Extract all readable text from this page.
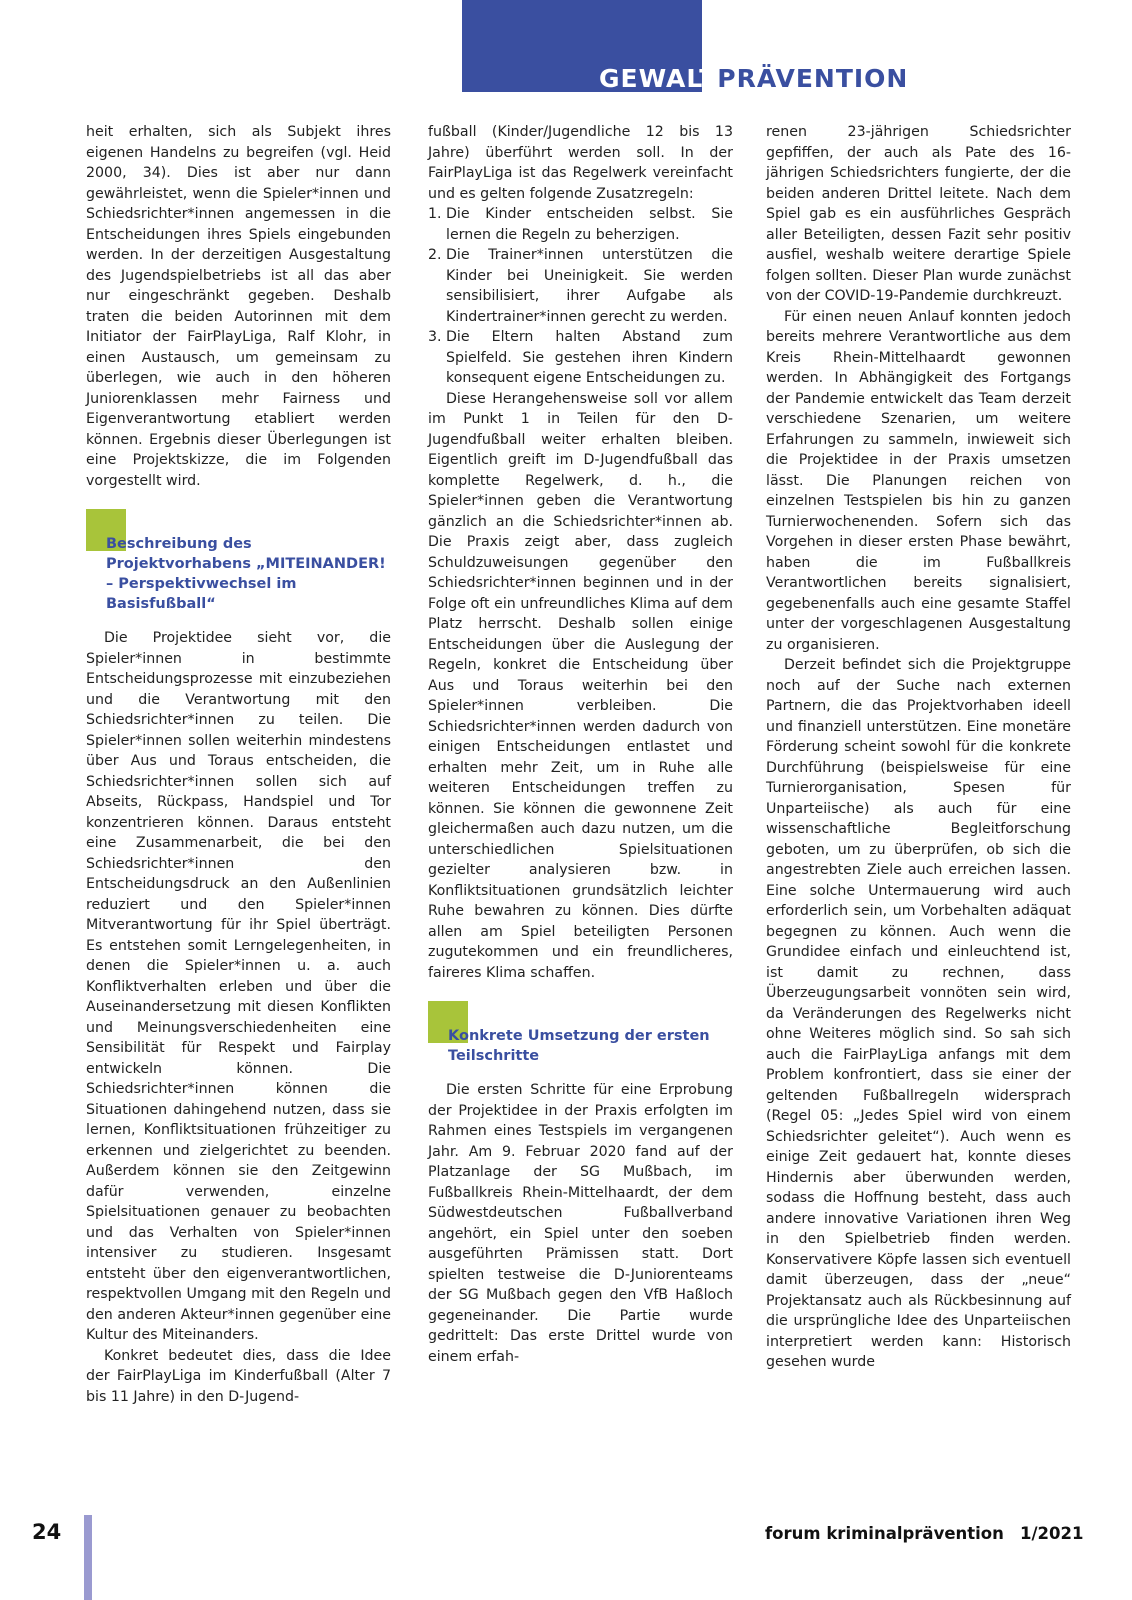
GEWALTPRÄVENTION

heit erhalten, sich als Subjekt ihres eigenen Handelns zu begreifen (vgl. Heid 2000, 34). Dies ist aber nur dann gewährleistet, wenn die Spieler*innen und Schiedsrichter*innen angemessen in die Entscheidungen ihres Spiels eingebunden werden. In der derzeitigen Ausgestaltung des Jugendspielbetriebs ist all das aber nur eingeschränkt gegeben. Deshalb traten die beiden Autorinnen mit dem Initiator der FairPlayLiga, Ralf Klohr, in einen Austausch, um gemeinsam zu überlegen, wie auch in den höheren Juniorenklassen mehr Fairness und Eigenverantwortung etabliert werden können. Ergebnis dieser Überlegungen ist eine Projektskizze, die im Folgenden vorgestellt wird.

Beschreibung des Projektvorhabens „MITEINANDER! – Perspektivwechsel im Basisfußball“

Die Projektidee sieht vor, die Spieler*innen in bestimmte Entscheidungsprozesse mit einzubeziehen und die Verantwortung mit den Schiedsrichter*innen zu teilen. Die Spieler*innen sollen weiterhin mindestens über Aus und Toraus entscheiden, die Schiedsrichter*innen sollen sich auf Abseits, Rückpass, Handspiel und Tor konzentrieren können. Daraus entsteht eine Zusammenarbeit, die bei den Schiedsrichter*innen den Entscheidungsdruck an den Außenlinien reduziert und den Spieler*innen Mitverantwortung für ihr Spiel überträgt. Es entstehen somit Lerngelegenheiten, in denen die Spieler*innen u. a. auch Konfliktverhalten erleben und über die Auseinandersetzung mit diesen Konflikten und Meinungsverschiedenheiten eine Sensibilität für Respekt und Fairplay entwickeln können. Die Schiedsrichter*innen können die Situationen dahingehend nutzen, dass sie lernen, Konfliktsituationen frühzeitiger zu erkennen und zielgerichtet zu beenden. Außerdem können sie den Zeitgewinn dafür verwenden, einzelne Spielsituationen genauer zu beobachten und das Verhalten von Spieler*innen intensiver zu studieren. Insgesamt entsteht über den eigenverantwortlichen, respektvollen Umgang mit den Regeln und den anderen Akteur*innen gegenüber eine Kultur des Miteinanders.

Konkret bedeutet dies, dass die Idee der FairPlayLiga im Kinderfußball (Alter 7 bis 11 Jahre) in den D-Jugend-

fußball (Kinder/Jugendliche 12 bis 13 Jahre) überführt werden soll. In der FairPlayLiga ist das Regelwerk vereinfacht und es gelten folgende Zusatzregeln:

1. Die Kinder entscheiden selbst. Sie lernen die Regeln zu beherzigen.
2. Die Trainer*innen unterstützen die Kinder bei Uneinigkeit. Sie werden sensibilisiert, ihrer Aufgabe als Kindertrainer*innen gerecht zu werden.
3. Die Eltern halten Abstand zum Spielfeld. Sie gestehen ihren Kindern konsequent eigene Entscheidungen zu.

Diese Herangehensweise soll vor allem im Punkt 1 in Teilen für den D-Jugendfußball weiter erhalten bleiben. Eigentlich greift im D-Jugendfußball das komplette Regelwerk, d. h., die Spieler*innen geben die Verantwortung gänzlich an die Schiedsrichter*innen ab. Die Praxis zeigt aber, dass zugleich Schuldzuweisungen gegenüber den Schiedsrichter*innen beginnen und in der Folge oft ein unfreundliches Klima auf dem Platz herrscht. Deshalb sollen einige Entscheidungen über die Auslegung der Regeln, konkret die Entscheidung über Aus und Toraus weiterhin bei den Spieler*innen verbleiben. Die Schiedsrichter*innen werden dadurch von einigen Entscheidungen entlastet und erhalten mehr Zeit, um in Ruhe alle weiteren Entscheidungen treffen zu können. Sie können die gewonnene Zeit gleichermaßen auch dazu nutzen, um die unterschiedlichen Spielsituationen gezielter analysieren bzw. in Konfliktsituationen grundsätzlich leichter Ruhe bewahren zu können. Dies dürfte allen am Spiel beteiligten Personen zugutekommen und ein freundlicheres, faireres Klima schaffen.

Konkrete Umsetzung der ersten Teilschritte

Die ersten Schritte für eine Erprobung der Projektidee in der Praxis erfolgten im Rahmen eines Testspiels im vergangenen Jahr. Am 9. Februar 2020 fand auf der Platzanlage der SG Mußbach, im Fußballkreis Rhein-Mittelhaardt, der dem Südwestdeutschen Fußballverband angehört, ein Spiel unter den soeben ausgeführten Prämissen statt. Dort spielten testweise die D-Juniorenteams der SG Mußbach gegen den VfB Haßloch gegeneinander. Die Partie wurde gedrittelt: Das erste Drittel wurde von einem erfah-

renen 23-jährigen Schiedsrichter gepfiffen, der auch als Pate des 16-jährigen Schiedsrichters fungierte, der die beiden anderen Drittel leitete. Nach dem Spiel gab es ein ausführliches Gespräch aller Beteiligten, dessen Fazit sehr positiv ausfiel, weshalb weitere derartige Spiele folgen sollten. Dieser Plan wurde zunächst von der COVID-19-Pandemie durchkreuzt.

Für einen neuen Anlauf konnten jedoch bereits mehrere Verantwortliche aus dem Kreis Rhein-Mittelhaardt gewonnen werden. In Abhängigkeit des Fortgangs der Pandemie entwickelt das Team derzeit verschiedene Szenarien, um weitere Erfahrungen zu sammeln, inwieweit sich die Projektidee in der Praxis umsetzen lässt. Die Planungen reichen von einzelnen Testspielen bis hin zu ganzen Turnierwochenenden. Sofern sich das Vorgehen in dieser ersten Phase bewährt, haben die im Fußballkreis Verantwortlichen bereits signalisiert, gegebenenfalls auch eine gesamte Staffel unter der vorgeschlagenen Ausgestaltung zu organisieren.

Derzeit befindet sich die Projektgruppe noch auf der Suche nach externen Partnern, die das Projektvorhaben ideell und finanziell unterstützen. Eine monetäre Förderung scheint sowohl für die konkrete Durchführung (beispielsweise für eine Turnierorganisation, Spesen für Unparteiische) als auch für eine wissenschaftliche Begleitforschung geboten, um zu überprüfen, ob sich die angestrebten Ziele auch erreichen lassen. Eine solche Untermauerung wird auch erforderlich sein, um Vorbehalten adäquat begegnen zu können. Auch wenn die Grundidee einfach und einleuchtend ist, ist damit zu rechnen, dass Überzeugungsarbeit vonnöten sein wird, da Veränderungen des Regelwerks nicht ohne Weiteres möglich sind. So sah sich auch die FairPlayLiga anfangs mit dem Problem konfrontiert, dass sie einer der geltenden Fußballregeln widersprach (Regel 05: „Jedes Spiel wird von einem Schiedsrichter geleitet“). Auch wenn es einige Zeit gedauert hat, konnte dieses Hindernis aber überwunden werden, sodass die Hoffnung besteht, dass auch andere innovative Variationen ihren Weg in den Spielbetrieb finden werden. Konservativere Köpfe lassen sich eventuell damit überzeugen, dass der „neue“ Projektansatz auch als Rückbesinnung auf die ursprüngliche Idee des Unparteiischen interpretiert werden kann: Historisch gesehen wurde

24	forum kriminalprävention 1/2021
